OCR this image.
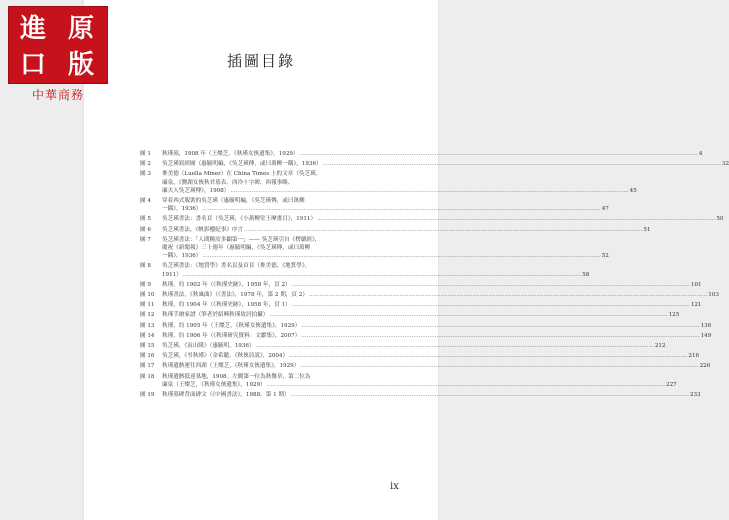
進 原
口 版
中華商務
插圖目錄
圖 1	秋瑾墓，1908 年（王燦芝，《秋瑾女俠遺集》，1929） .....	4
圖 2	吳芝瑛寫經圖（惠毓明編，《吳芝瑛傳，或曰萬柳一隅》，1936） .....	32
圖 3	麥美德（Luella Miner）在 China Times 上的文章（吳芝瑛、
廉泉，《鹽湖女俠秋君墓表、西泠十字碑、西報事略、
廉夫人吳芝瑛傳》，1908） .....	45
圖 4	穿着西式服裝的吳芝瑛（惠毓明編，《吳芝瑛傳，或曰萬柳
一隅》，1936） .....	47
圖 5	吳芝瑛書法：書名頁（吳芝瑛，《小萬柳堂王摩畫目》，1911） .....	50
圖 6	吳芝瑛書法，《帆影樓紀事》序言 .....	51
圖 7	吳芝瑛書法：「人間稱汝多闢第一」—— 吳芝瑛引自《楞嚴經》，
慶祝《新聞報》三十週年（惠毓明編，《吳芝瑛傳，或曰萬柳
一隅》，1936） .....	52
圖 8	吳芝瑛書法：《地質學》書名頁及首頁（麥美德，《地質學》，
1911） .....	58
圖 9	秋瑾，約 1902 年（《秋瑾史跡》，1958 年，頁 2） .....	101
圖 10	秋瑾書法，《秋風曲》（《書法》，1978 年，第 2 期，頁 2） .....	103
圖 11	秋瑾，約 1904 年（《秋瑾史跡》，1958 年，頁 1） .....	121
圖 12	秋瑾手繪家譜（筆者於紹興秋瑾故居拍攝） .....	125
圖 13	秋瑾，約 1905 年（王燦芝，《秋瑾女俠遺集》，1929） .....	136
圖 14	秋瑾，約 1906 年（《秋瑾研究資料：文獻集》，2007） .....	149
圖 15	吳芝瑛，《寅山隆》（惠毓明，1936） .....	212
圖 16	吳芝瑛，《弔秋瑾》（金希聽，《秋俠詩說》，2004） .....	216
圖 17	秋瑾遺骸運往西湖（王燦芝，《秋瑾女俠遺集》，1929） .....	226
圖 18	秋瑾遺骸抵達墓地，1908。左側第一位為秋譽章，第二位為
廉泉（王燦芝，《秋瑾女俠遺集》，1929） .....	227
圖 19	秋瑾墓碑背面碑文（《中國書法》，1988，第 1 期） .....	233
ix
